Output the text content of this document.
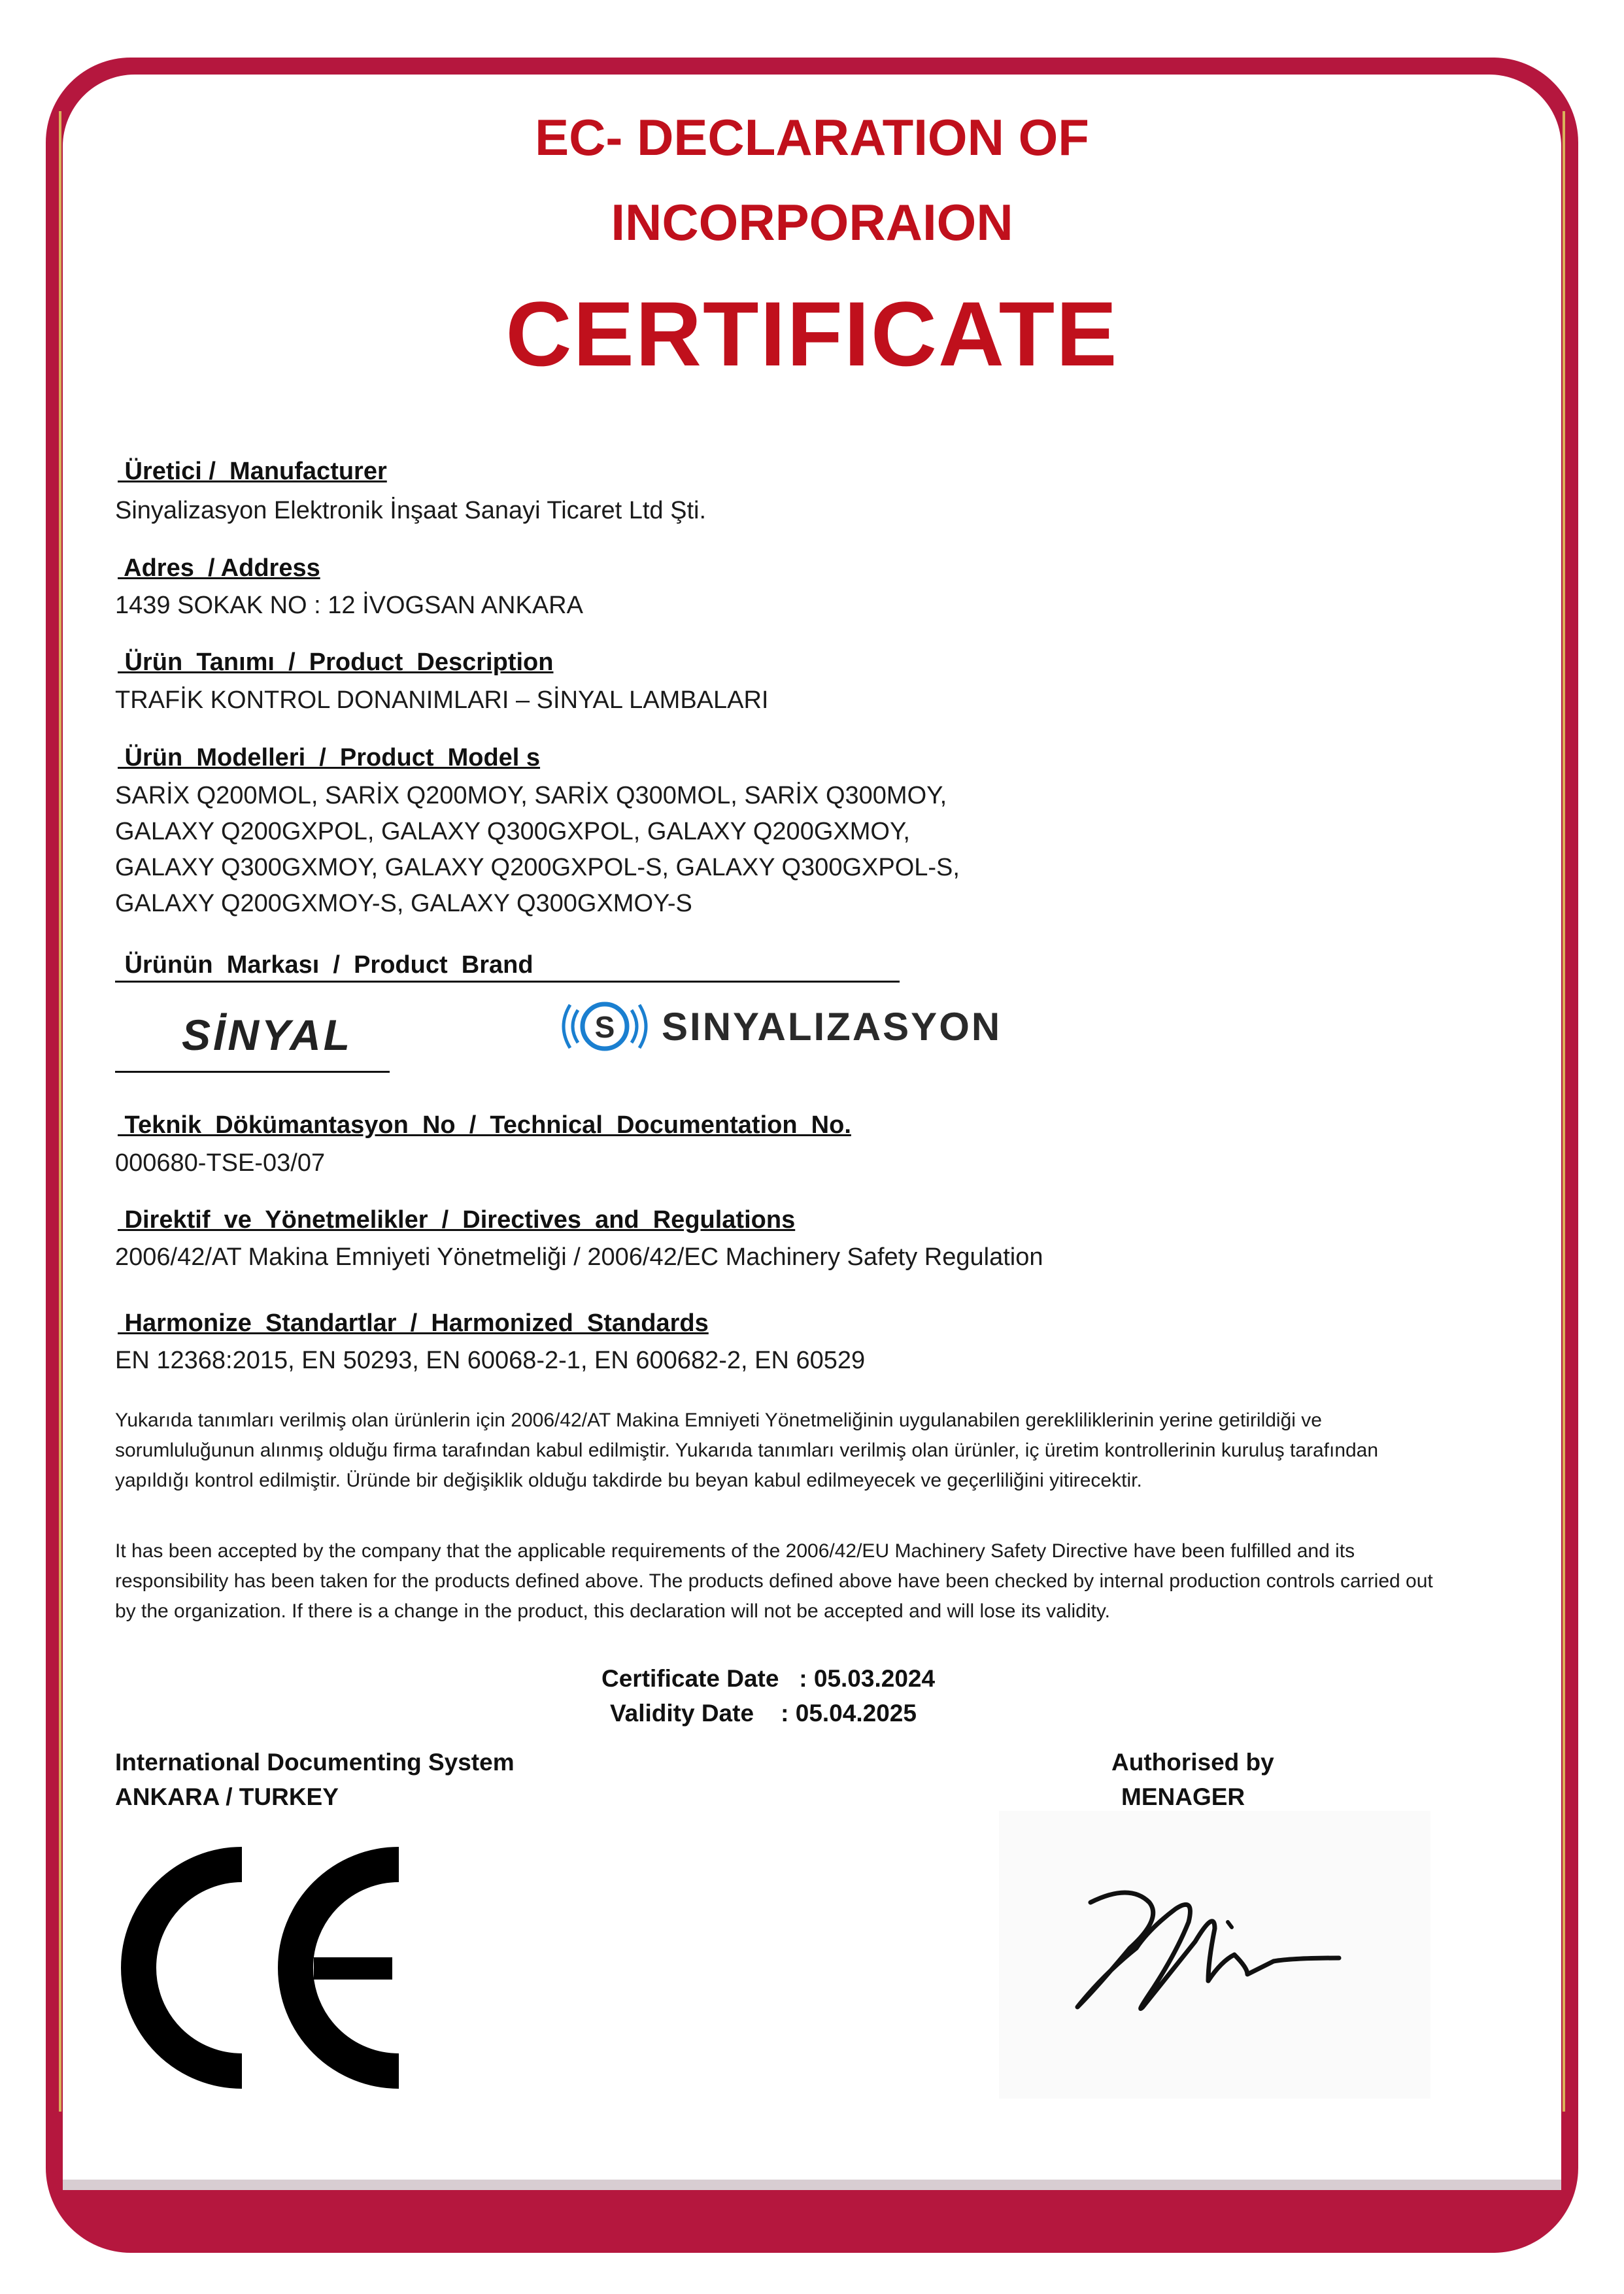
EC- DECLARATION OF
INCORPORAION
CERTIFICATE
Üretici /  Manufacturer
Sinyalizasyon Elektronik İnşaat Sanayi Ticaret Ltd Şti.
Adres  / Address
1439 SOKAK NO : 12 İVOGSAN ANKARA
Ürün  Tanımı  /  Product  Description
TRAFİK KONTROL DONANIMLARI – SİNYAL LAMBALARI
Ürün  Modelleri  /  Product  Model s
SARİX Q200MOL, SARİX Q200MOY, SARİX Q300MOL, SARİX Q300MOY,
GALAXY Q200GXPOL, GALAXY Q300GXPOL, GALAXY Q200GXMOY,
GALAXY Q300GXMOY, GALAXY Q200GXPOL-S, GALAXY Q300GXPOL-S,
GALAXY Q200GXMOY-S, GALAXY Q300GXMOY-S
Ürünün  Markası  /  Product  Brand
SİNYAL	S SINYALIZASYON
Teknik  Dökümantasyon  No  /  Technical  Documentation  No.
000680-TSE-03/07
Direktif  ve  Yönetmelikler  /  Directives  and  Regulations
2006/42/AT Makina Emniyeti Yönetmeliği / 2006/42/EC Machinery Safety Regulation
Harmonize  Standartlar  /  Harmonized  Standards
EN 12368:2015, EN 50293, EN 60068-2-1, EN 600682-2, EN 60529
Yukarıda tanımları verilmiş olan ürünlerin için 2006/42/AT Makina Emniyeti Yönetmeliğinin uygulanabilen gerekliliklerinin yerine getirildiği ve sorumluluğunun alınmış olduğu firma tarafından kabul edilmiştir. Yukarıda tanımları verilmiş olan ürünler, iç üretim kontrollerinin kuruluş tarafından yapıldığı kontrol edilmiştir. Üründe bir değişiklik olduğu takdirde bu beyan kabul edilmeyecek ve geçerliliğini yitirecektir.
It has been accepted by the company that the applicable requirements of the 2006/42/EU Machinery Safety Directive have been fulfilled and its responsibility has been taken for the products defined above. The products defined above have been checked by internal production controls carried out by the organization. If there is a change in the product, this declaration will not be accepted and will lose its validity.
Certificate Date   : 05.03.2024
Validity Date    : 05.04.2025
International Documenting System
ANKARA / TURKEY
Authorised by
MENAGER
